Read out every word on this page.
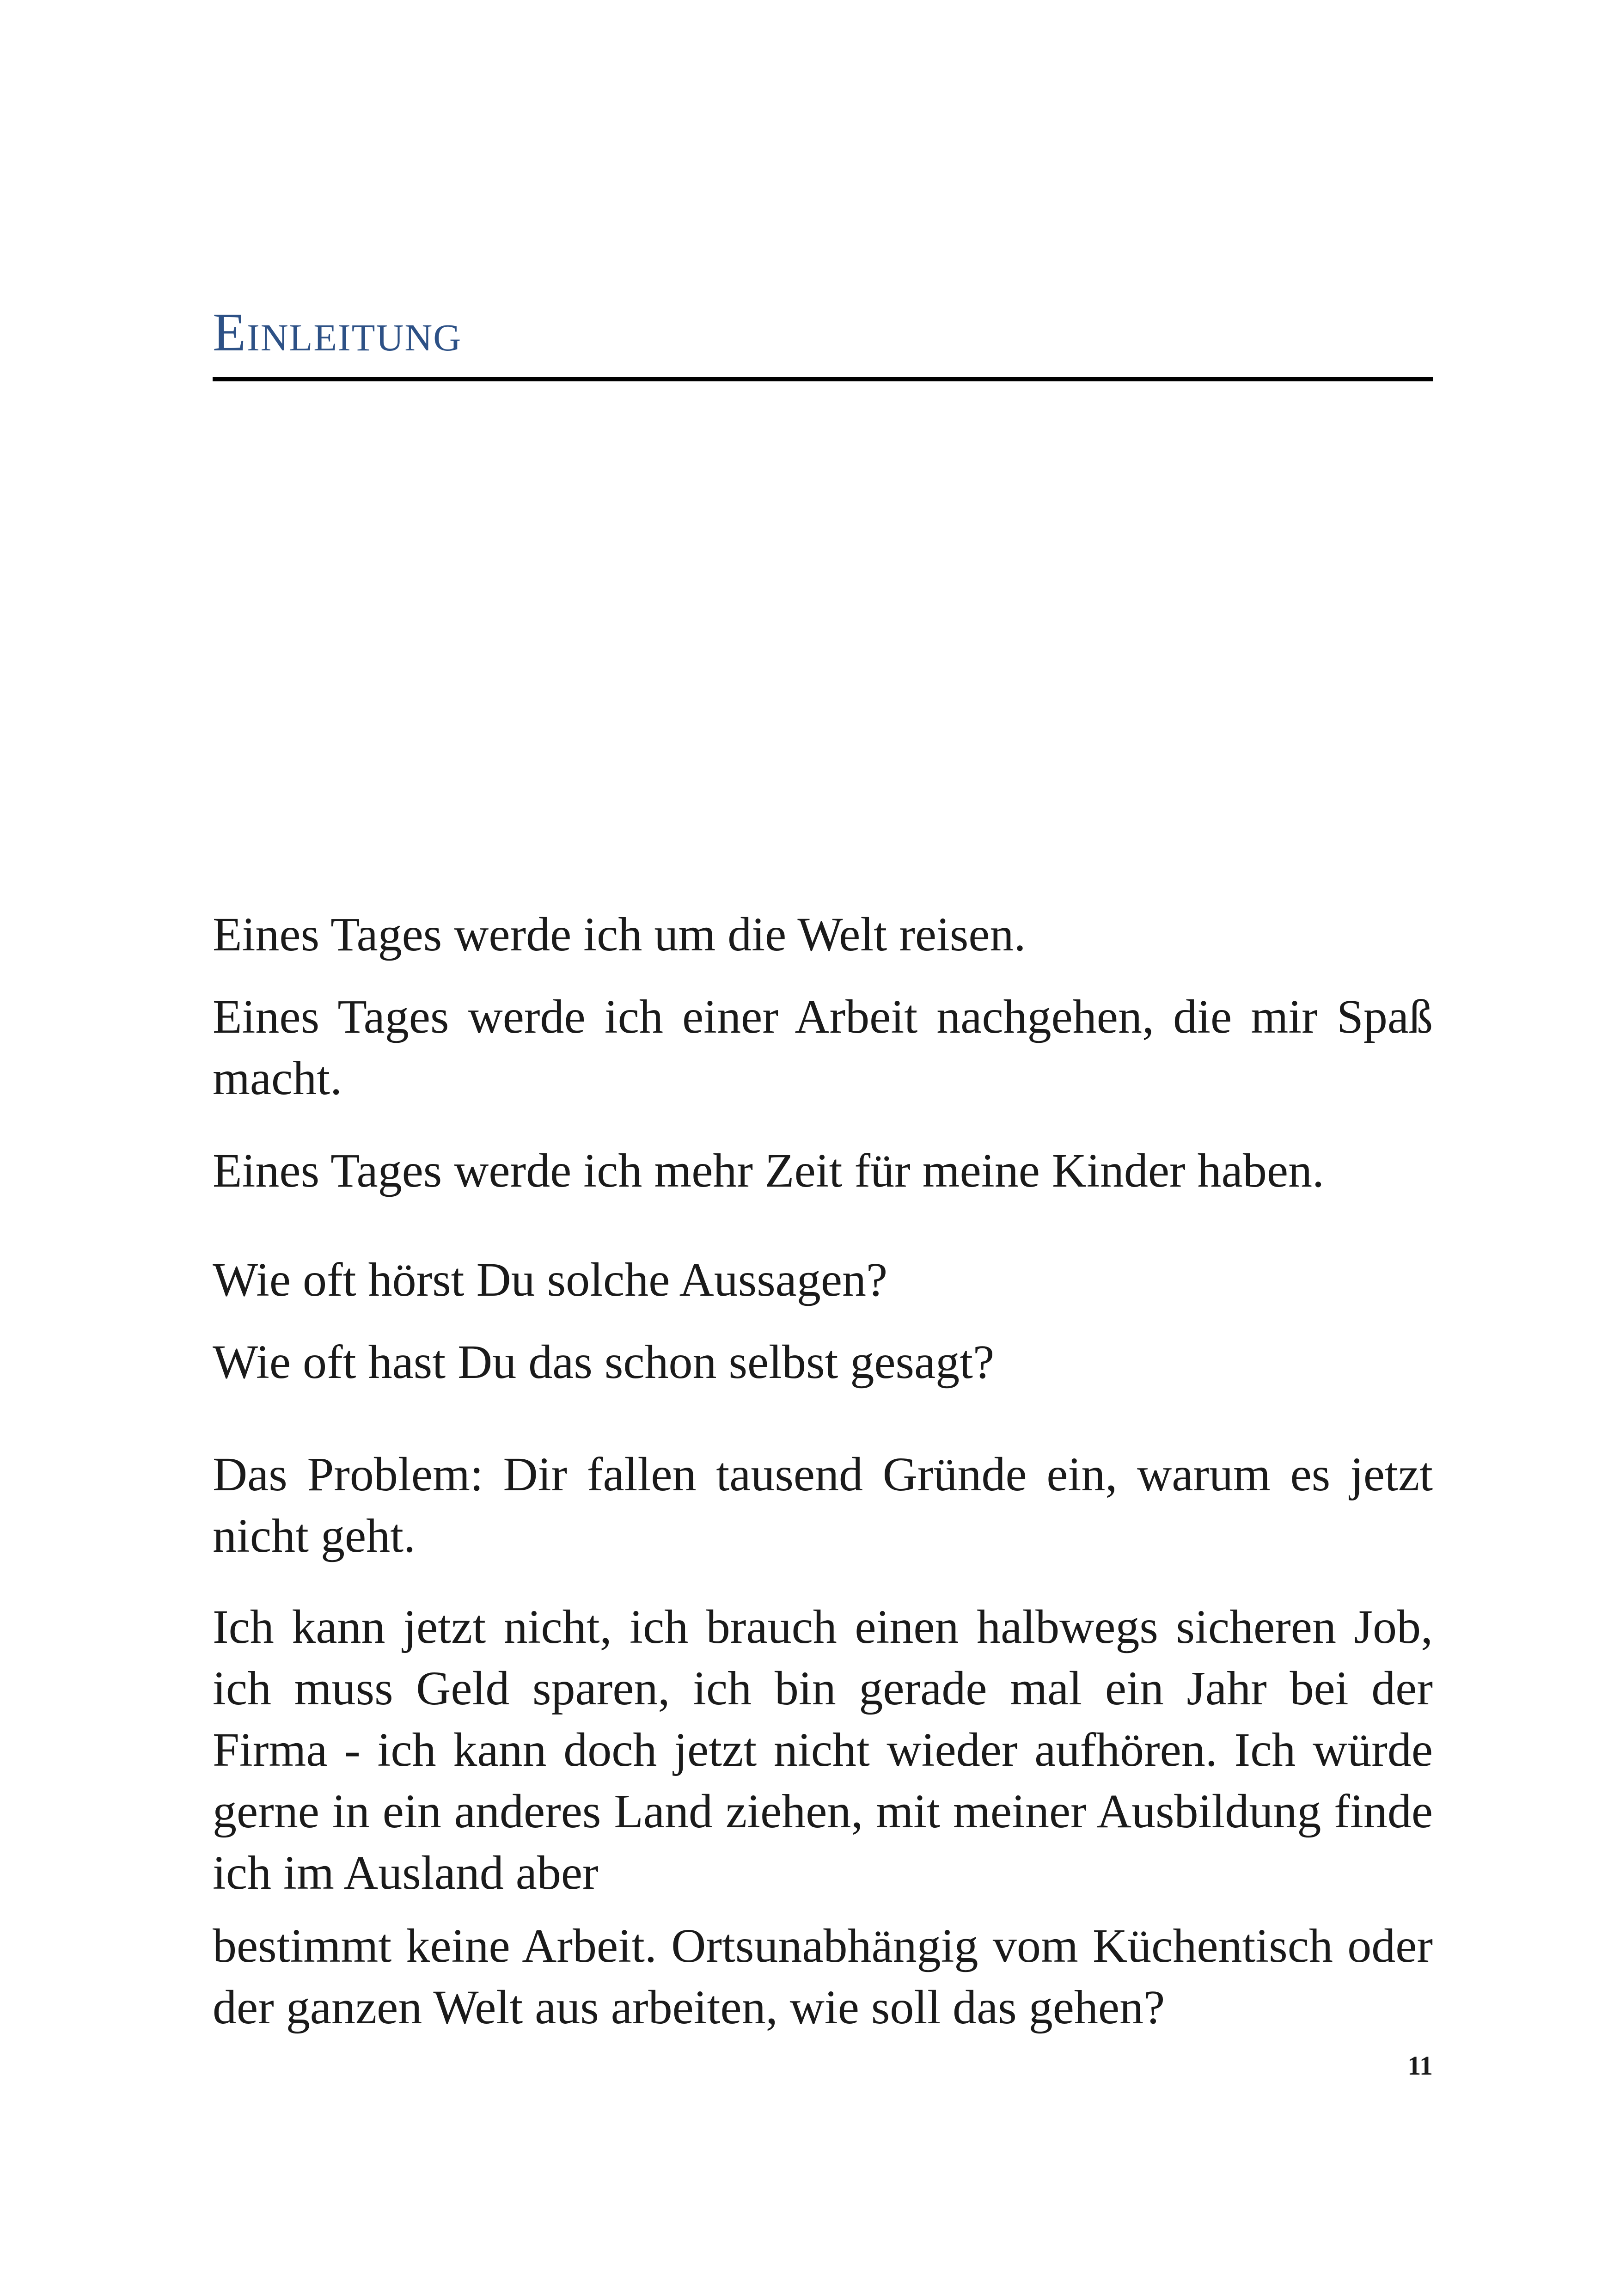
Einleitung

Eines Tages werde ich um die Welt reisen.

Eines Tages werde ich einer Arbeit nachgehen, die mir Spaß macht.

Eines Tages werde ich mehr Zeit für meine Kinder haben.

Wie oft hörst Du solche Aussagen?

Wie oft hast Du das schon selbst gesagt?

Das Problem: Dir fallen tausend Gründe ein, warum es jetzt nicht geht.

Ich kann jetzt nicht, ich brauch einen halbwegs sicheren Job, ich muss Geld sparen, ich bin gerade mal ein Jahr bei der Firma - ich kann doch jetzt nicht wieder aufhören. Ich würde gerne in ein anderes Land ziehen, mit meiner Ausbildung finde ich im Ausland aber

bestimmt keine Arbeit. Ortsunabhängig vom Küchentisch oder der ganzen Welt aus arbeiten, wie soll das gehen?

11
